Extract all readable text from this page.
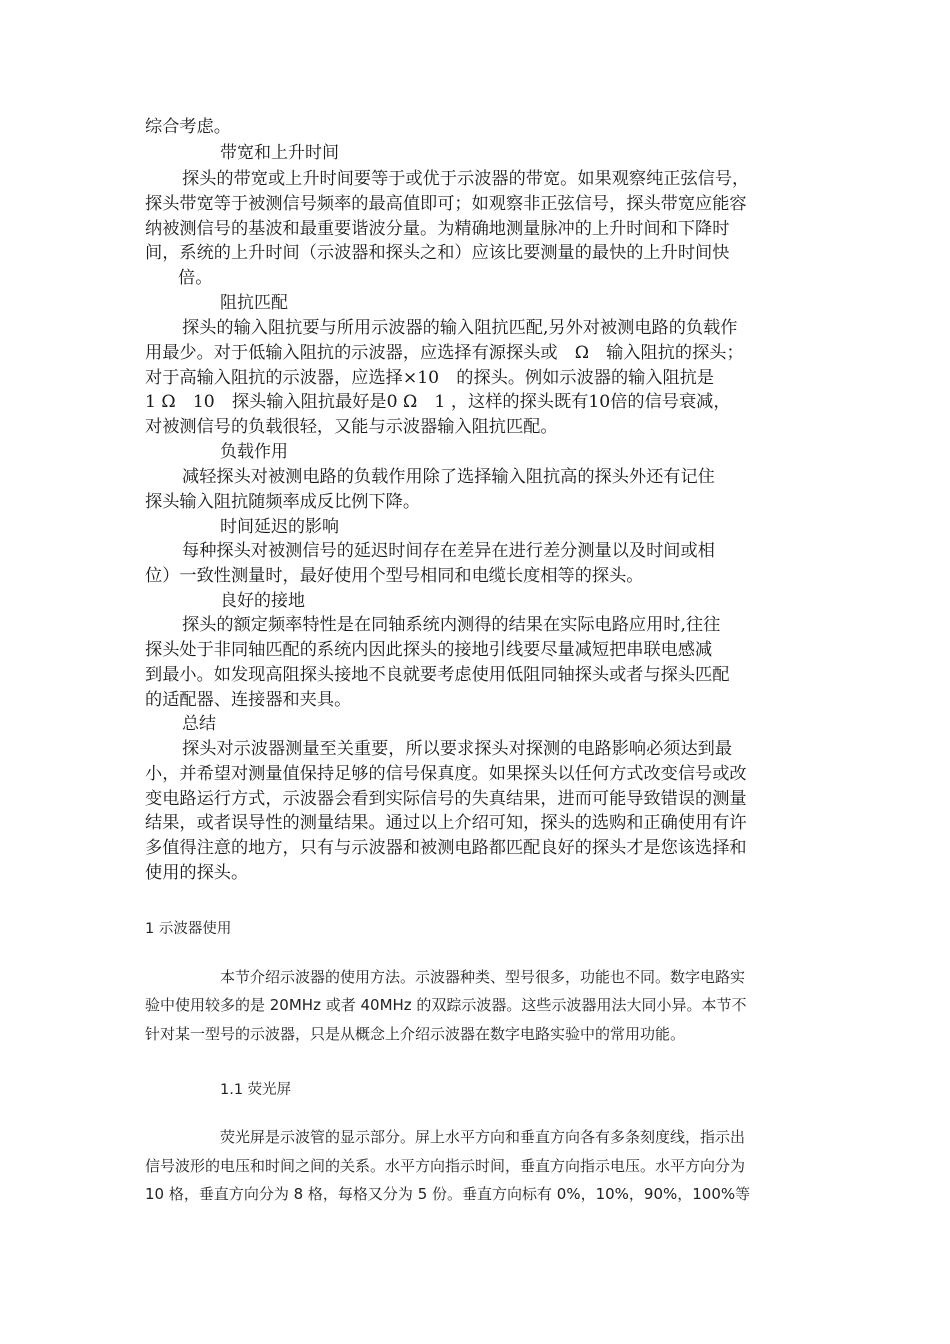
综合考虑。
带宽和上升时间
探头的带宽或上升时间要等于或优于示波器的带宽。如果观察纯正弦信号，
探头带宽等于被测信号频率的最高值即可；如观察非正弦信号，探头带宽应能容
纳被测信号的基波和最重要谐波分量。为精确地测量脉冲的上升时间和下降时
间，系统的上升时间（示波器和探头之和）应该比要测量的最快的上升时间快
倍。
阻抗匹配
探头的输入阻抗要与所用示波器的输入阻抗匹配,另外对被测电路的负载作
用最少。对于低输入阻抗的示波器，应选择有源探头或　Ω　输入阻抗的探头；
对于高输入阻抗的示波器，应选择×10　的探头。例如示波器的输入阻抗是
1 Ω　10　探头输入阻抗最好是0 Ω　1 ，这样的探头既有10倍的信号衰减，
对被测信号的负载很轻，又能与示波器输入阻抗匹配。
负载作用
减轻探头对被测电路的负载作用除了选择输入阻抗高的探头外还有记住
探头输入阻抗随频率成反比例下降。
时间延迟的影响
每种探头对被测信号的延迟时间存在差异在进行差分测量以及时间或相
位）一致性测量时，最好使用个型号相同和电缆长度相等的探头。
良好的接地
探头的额定频率特性是在同轴系统内测得的结果在实际电路应用时,往往
探头处于非同轴匹配的系统内因此探头的接地引线要尽量减短把串联电感减
到最小。如发现高阻探头接地不良就要考虑使用低阻同轴探头或者与探头匹配
的适配器、连接器和夹具。
总结
探头对示波器测量至关重要，所以要求探头对探测的电路影响必须达到最
小，并希望对测量值保持足够的信号保真度。如果探头以任何方式改变信号或改
变电路运行方式，示波器会看到实际信号的失真结果，进而可能导致错误的测量
结果，或者误导性的测量结果。通过以上介绍可知，探头的选购和正确使用有许
多值得注意的地方，只有与示波器和被测电路都匹配良好的探头才是您该选择和
使用的探头。
1 示波器使用
本节介绍示波器的使用方法。示波器种类、型号很多，功能也不同。数字电路实
验中使用较多的是 20MHz 或者 40MHz 的双踪示波器。这些示波器用法大同小异。本节不
针对某一型号的示波器，只是从概念上介绍示波器在数字电路实验中的常用功能。
1.1 荧光屏
荧光屏是示波管的显示部分。屏上水平方向和垂直方向各有多条刻度线，指示出
信号波形的电压和时间之间的关系。水平方向指示时间，垂直方向指示电压。水平方向分为
10 格，垂直方向分为 8 格，每格又分为 5 份。垂直方向标有 0%，10%，90%，100%等
